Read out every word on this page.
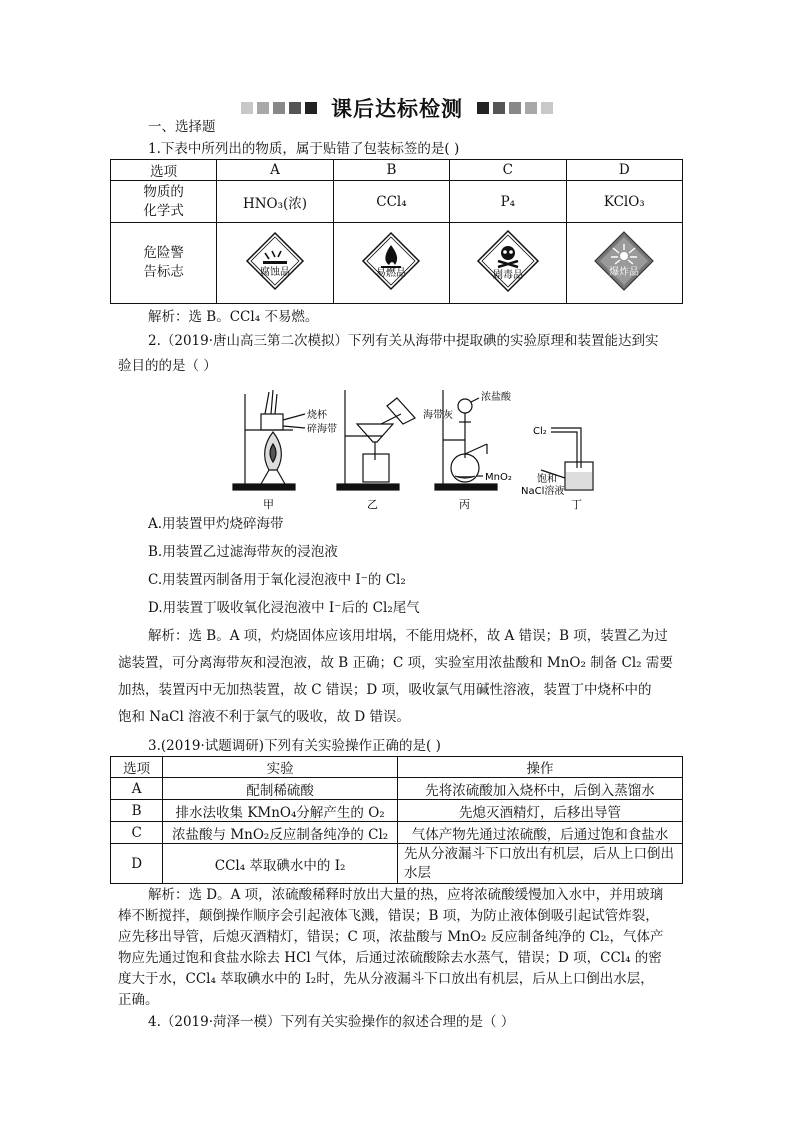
课后达标检测
一、选择题
1.下表中所列出的物质，属于贴错了包装标签的是( )
选项	A	B	C	D

物质的化学式	HNO₃(浓)	CCl₄	P₄	KClO₃

危险警告标志	腐蚀品	易燃品	剧毒品	爆炸品
解析：选 B。CCl₄ 不易燃。
2.（2019·唐山高三第二次模拟）下列有关从海带中提取碘的实验原理和装置能达到实
验目的的是（ ）
烧杯
碎海带
甲
海带灰
乙
浓盐酸
MnO₂
丙
Cl₂
饱和
NaCl溶液
丁
A.用装置甲灼烧碎海带
B.用装置乙过滤海带灰的浸泡液
C.用装置丙制备用于氧化浸泡液中 I⁻的 Cl₂
D.用装置丁吸收氧化浸泡液中 I⁻后的 Cl₂尾气
解析：选 B。A 项，灼烧固体应该用坩埚，不能用烧杯，故 A 错误；B 项，装置乙为过
滤装置，可分离海带灰和浸泡液，故 B 正确；C 项，实验室用浓盐酸和 MnO₂ 制备 Cl₂ 需要
加热，装置丙中无加热装置，故 C 错误；D 项，吸收氯气用碱性溶液，装置丁中烧杯中的
饱和 NaCl 溶液不利于氯气的吸收，故 D 错误。
3.(2019·试题调研)下列有关实验操作正确的是( )
选项	实验	操作
A	配制稀硫酸	先将浓硫酸加入烧杯中，后倒入蒸馏水
B	排水法收集 KMnO₄分解产生的 O₂	先熄灭酒精灯，后移出导管
C	浓盐酸与 MnO₂反应制备纯净的 Cl₂	气体产物先通过浓硫酸，后通过饱和食盐水
D	CCl₄ 萃取碘水中的 I₂	先从分液漏斗下口放出有机层，后从上口倒出水层
解析：选 D。A 项，浓硫酸稀释时放出大量的热，应将浓硫酸缓慢加入水中，并用玻璃
棒不断搅拌，颠倒操作顺序会引起液体飞溅，错误；B 项，为防止液体倒吸引起试管炸裂，
应先移出导管，后熄灭酒精灯，错误；C 项，浓盐酸与 MnO₂ 反应制备纯净的 Cl₂，气体产
物应先通过饱和食盐水除去 HCl 气体，后通过浓硫酸除去水蒸气，错误；D 项，CCl₄ 的密
度大于水，CCl₄ 萃取碘水中的 I₂时，先从分液漏斗下口放出有机层，后从上口倒出水层，
正确。
4.（2019·菏泽一模）下列有关实验操作的叙述合理的是（ ）
